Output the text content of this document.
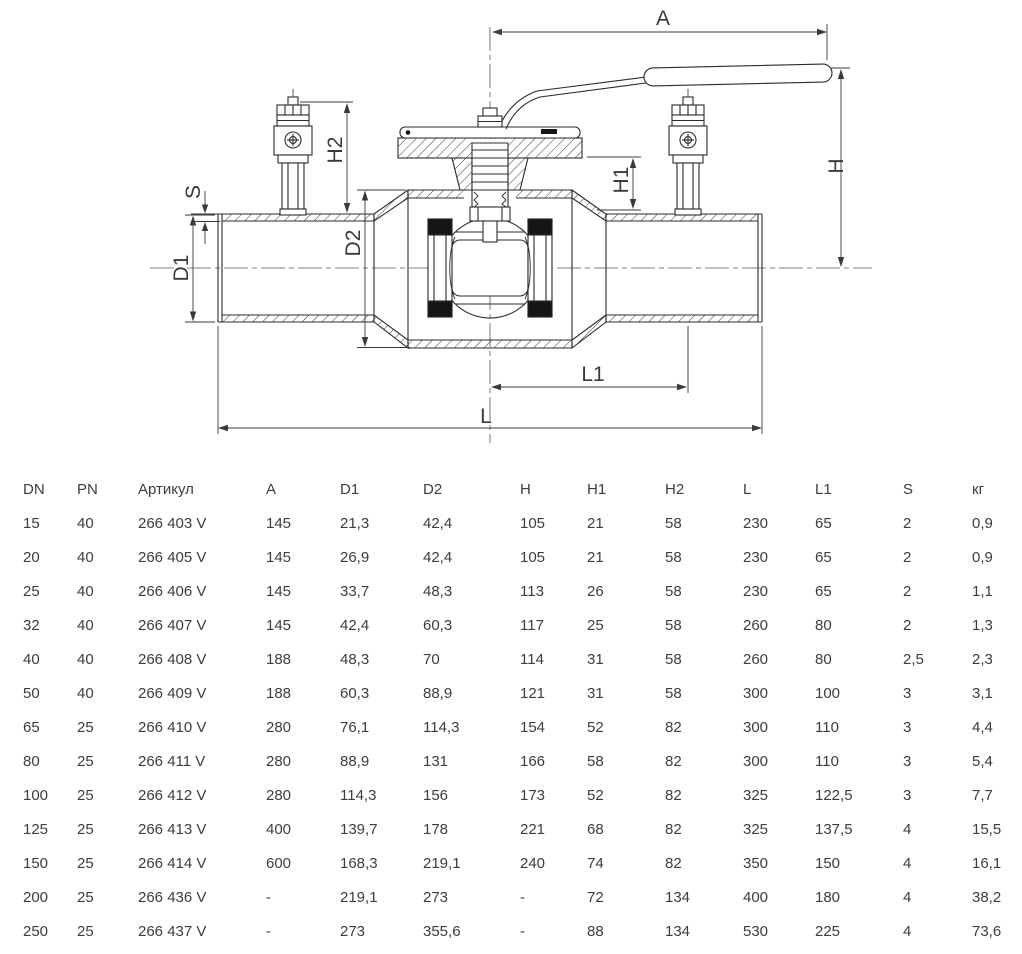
A
H
H1
H2
S
D1
D2
L1
L
DN	PN	Артикул	A	D1	D2	H	H1	H2	L	L1	S	кг
15	40	266 403 V	145	21,3	42,4	105	21	58	230	65	2	0,9
20	40	266 405 V	145	26,9	42,4	105	21	58	230	65	2	0,9
25	40	266 406 V	145	33,7	48,3	113	26	58	230	65	2	1,1
32	40	266 407 V	145	42,4	60,3	117	25	58	260	80	2	1,3
40	40	266 408 V	188	48,3	70	114	31	58	260	80	2,5	2,3
50	40	266 409 V	188	60,3	88,9	121	31	58	300	100	3	3,1
65	25	266 410 V	280	76,1	114,3	154	52	82	300	110	3	4,4
80	25	266 411 V	280	88,9	131	166	58	82	300	110	3	5,4
100	25	266 412 V	280	114,3	156	173	52	82	325	122,5	3	7,7
125	25	266 413 V	400	139,7	178	221	68	82	325	137,5	4	15,5
150	25	266 414 V	600	168,3	219,1	240	74	82	350	150	4	16,1
200	25	266 436 V	-	219,1	273	-	72	134	400	180	4	38,2
250	25	266 437 V	-	273	355,6	-	88	134	530	225	4	73,6
